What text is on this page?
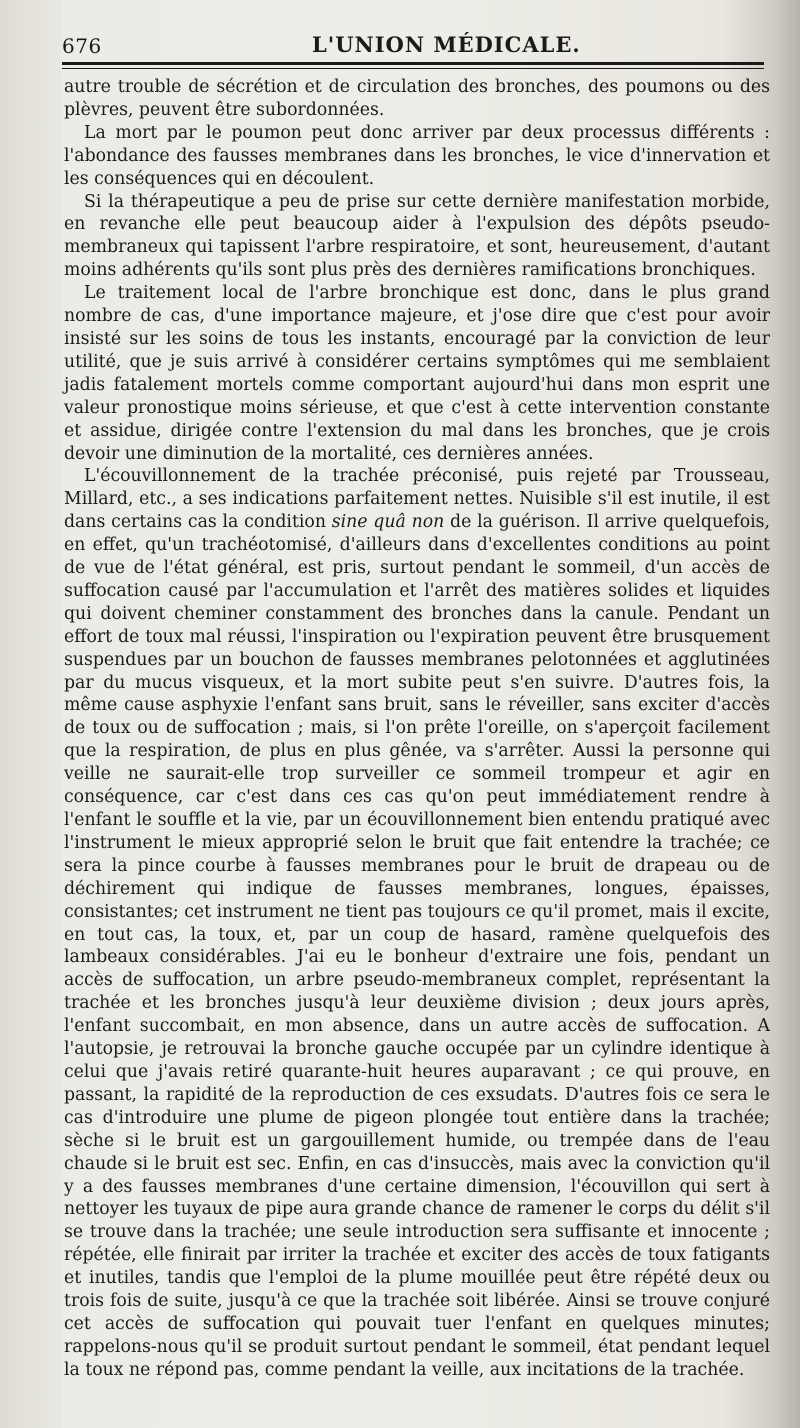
676	L'UNION MÉDICALE.

autre trouble de sécrétion et de circulation des bronches, des poumons ou des plèvres, peuvent être subordonnées.

La mort par le poumon peut donc arriver par deux processus différents : l'abondance des fausses membranes dans les bronches, le vice d'innervation et les conséquences qui en découlent.

Si la thérapeutique a peu de prise sur cette dernière manifestation morbide, en revanche elle peut beaucoup aider à l'expulsion des dépôts pseudo-membraneux qui tapissent l'arbre respiratoire, et sont, heureusement, d'autant moins adhérents qu'ils sont plus près des dernières ramifications bronchiques.

Le traitement local de l'arbre bronchique est donc, dans le plus grand nombre de cas, d'une importance majeure, et j'ose dire que c'est pour avoir insisté sur les soins de tous les instants, encouragé par la conviction de leur utilité, que je suis arrivé à considérer certains symptômes qui me semblaient jadis fatalement mortels comme comportant aujourd'hui dans mon esprit une valeur pronostique moins sérieuse, et que c'est à cette intervention constante et assidue, dirigée contre l'extension du mal dans les bronches, que je crois devoir une diminution de la mortalité, ces dernières années.

L'écouvillonnement de la trachée préconisé, puis rejeté par Trousseau, Millard, etc., a ses indications parfaitement nettes. Nuisible s'il est inutile, il est dans certains cas la condition sine quâ non de la guérison. Il arrive quelquefois, en effet, qu'un trachéotomisé, d'ailleurs dans d'excellentes conditions au point de vue de l'état général, est pris, surtout pendant le sommeil, d'un accès de suffocation causé par l'accumulation et l'arrêt des matières solides et liquides qui doivent cheminer constamment des bronches dans la canule. Pendant un effort de toux mal réussi, l'inspiration ou l'expiration peuvent être brusquement suspendues par un bouchon de fausses membranes pelotonnées et agglutinées par du mucus visqueux, et la mort subite peut s'en suivre. D'autres fois, la même cause asphyxie l'enfant sans bruit, sans le réveiller, sans exciter d'accès de toux ou de suffocation ; mais, si l'on prête l'oreille, on s'aperçoit facilement que la respiration, de plus en plus gênée, va s'arrêter. Aussi la personne qui veille ne saurait-elle trop surveiller ce sommeil trompeur et agir en conséquence, car c'est dans ces cas qu'on peut immédiatement rendre à l'enfant le souffle et la vie, par un écouvillonnement bien entendu pratiqué avec l'instrument le mieux approprié selon le bruit que fait entendre la trachée; ce sera la pince courbe à fausses membranes pour le bruit de drapeau ou de déchirement qui indique de fausses membranes, longues, épaisses, consistantes; cet instrument ne tient pas toujours ce qu'il promet, mais il excite, en tout cas, la toux, et, par un coup de hasard, ramène quelquefois des lambeaux considérables. J'ai eu le bonheur d'extraire une fois, pendant un accès de suffocation, un arbre pseudo-membraneux complet, représentant la trachée et les bronches jusqu'à leur deuxième division ; deux jours après, l'enfant succombait, en mon absence, dans un autre accès de suffocation. A l'autopsie, je retrouvai la bronche gauche occupée par un cylindre identique à celui que j'avais retiré quarante-huit heures auparavant ; ce qui prouve, en passant, la rapidité de la reproduction de ces exsudats. D'autres fois ce sera le cas d'introduire une plume de pigeon plongée tout entière dans la trachée; sèche si le bruit est un gargouillement humide, ou trempée dans de l'eau chaude si le bruit est sec. Enfin, en cas d'insuccès, mais avec la conviction qu'il y a des fausses membranes d'une certaine dimension, l'écouvillon qui sert à nettoyer les tuyaux de pipe aura grande chance de ramener le corps du délit s'il se trouve dans la trachée; une seule introduction sera suffisante et innocente ; répétée, elle finirait par irriter la trachée et exciter des accès de toux fatigants et inutiles, tandis que l'emploi de la plume mouillée peut être répété deux ou trois fois de suite, jusqu'à ce que la trachée soit libérée. Ainsi se trouve conjuré cet accès de suffocation qui pouvait tuer l'enfant en quelques minutes; rappelons-nous qu'il se produit surtout pendant le sommeil, état pendant lequel la toux ne répond pas, comme pendant la veille, aux incitations de la trachée.
